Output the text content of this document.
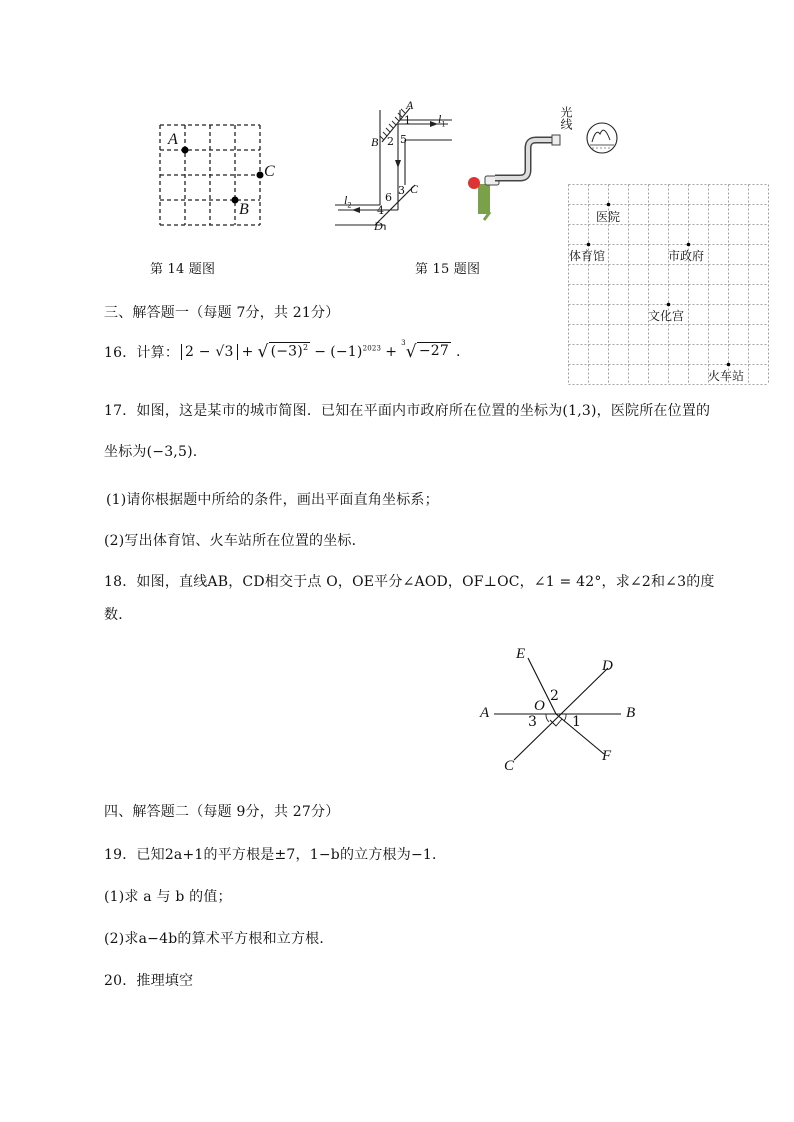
A
C
B
第 14 题图
光线
A
B
C
D
1
2 5
3
6
4
$l_1$
$l_2$
第 15 题图
医院
体育馆	市政府
文化宫
火车站
三、解答题一（每题 7分，共 21分）
16．计算： 2 − √3 + √ $(-3)^2 - (-1)^{2023}$ +
$^3$ √ −27 .
17．如图，这是某市的城市简图．已知在平面内市政府所在位置的坐标为(1,3)，医院所在位置的
坐标为(−3,5).
(1)请你根据题中所给的条件，画出平面直角坐标系；
(2)写出体育馆、火车站所在位置的坐标．
18．如图，直线AB，CD相交于点 O，OE平分∠AOD，OF⊥OC，∠1 = 42°，求∠2和∠3的度
数．
E
D
A	O	B
C
F
2
3	1
四、解答题二（每题 9分，共 27分）
19．已知2a+1的平方根是±7，1−b的立方根为−1．
(1)求 a 与 b 的值；
(2)求a−4b的算术平方根和立方根．
20．推理填空
